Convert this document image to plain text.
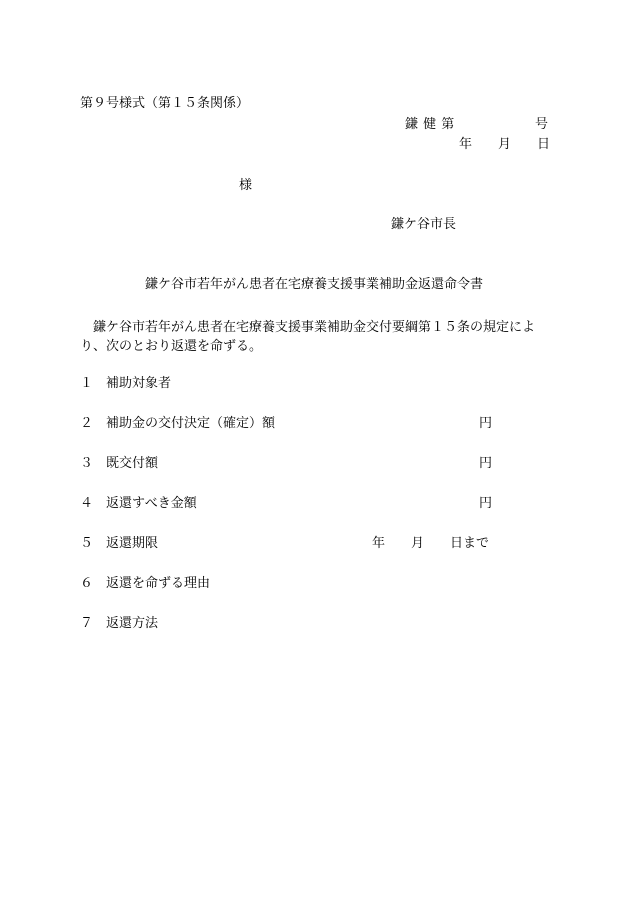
第９号様式（第１５条関係）
鎌 健 第	号
年　　月　　日
様
鎌ケ谷市長
鎌ケ谷市若年がん患者在宅療養支援事業補助金返還命令書
　鎌ケ谷市若年がん患者在宅療養支援事業補助金交付要綱第１５条の規定により、次のとおり返還を命ずる。
１ 補助対象者
２ 補助金の交付決定（確定）額	円
３ 既交付額	円
４ 返還すべき金額	円
５ 返還期限	年　　月　　日まで
６ 返還を命ずる理由
７ 返還方法
